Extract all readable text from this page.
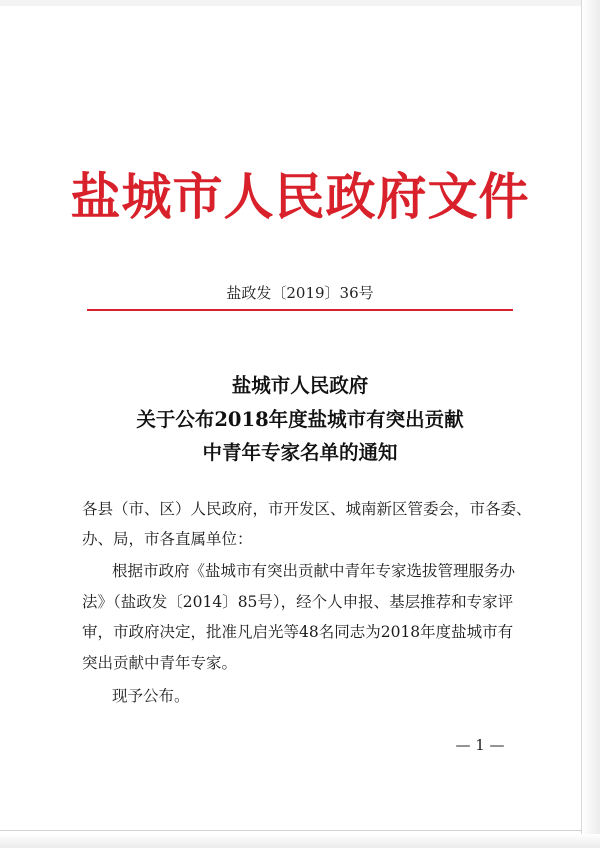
盐城市人民政府文件
盐政发〔2019〕36号
盐城市人民政府
关于公布2018年度盐城市有突出贡献
中青年专家名单的通知
各县（市、区）人民政府，市开发区、城南新区管委会，市各委、
办、局，市各直属单位：
根据市政府《盐城市有突出贡献中青年专家选拔管理服务办
法》（盐政发〔2014〕85号），经个人申报、基层推荐和专家评
审，市政府决定，批准凡启光等48名同志为2018年度盐城市有
突出贡献中青年专家。
现予公布。
— 1 —
